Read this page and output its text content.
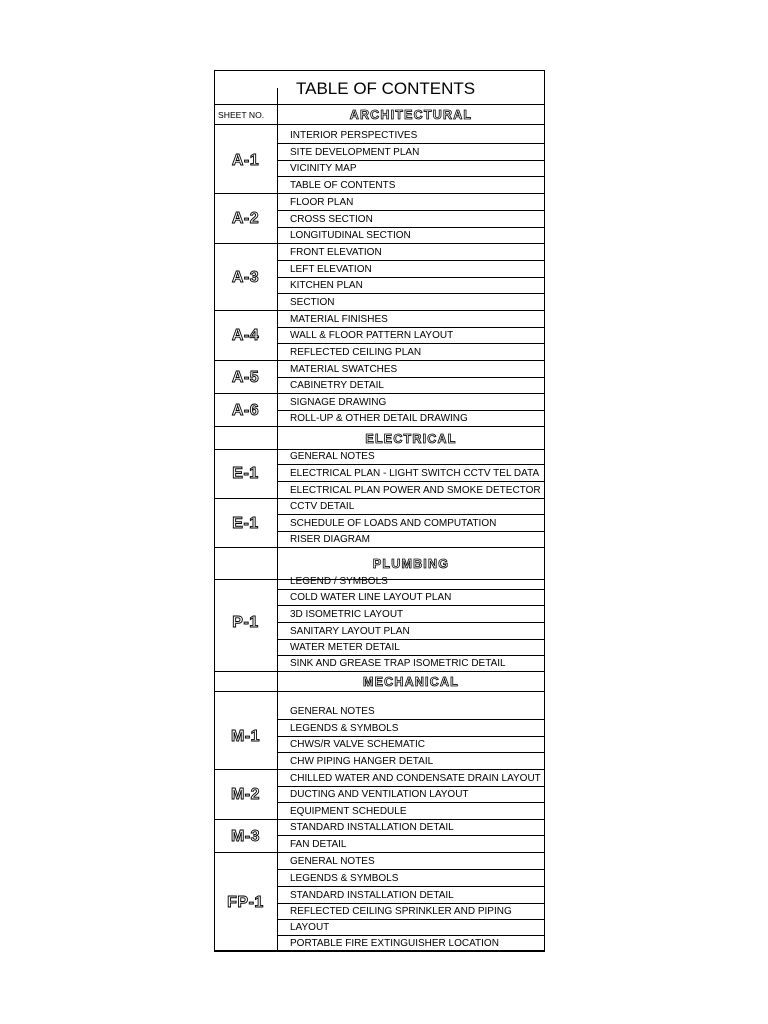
TABLE OF CONTENTS
SHEET NO.	ARCHITECTURAL
INTERIOR PERSPECTIVES
SITE DEVELOPMENT PLAN
VICINITY MAP
TABLE OF CONTENTS
A-1
FLOOR PLAN
CROSS SECTION
LONGITUDINAL SECTION
A-2
FRONT ELEVATION
LEFT ELEVATION
KITCHEN PLAN
SECTION
A-3
MATERIAL FINISHES
WALL & FLOOR PATTERN LAYOUT
REFLECTED CEILING PLAN
A-4
MATERIAL SWATCHES
CABINETRY DETAIL
A-5
SIGNAGE DRAWING
ROLL-UP & OTHER DETAIL DRAWING
A-6
ELECTRICAL
GENERAL NOTES
ELECTRICAL PLAN - LIGHT SWITCH CCTV TEL DATA
ELECTRICAL PLAN POWER AND SMOKE DETECTOR
E-1
CCTV DETAIL
SCHEDULE OF LOADS AND COMPUTATION
RISER DIAGRAM
E-1
PLUMBING
LEGEND / SYMBOLS
COLD WATER LINE LAYOUT PLAN
3D ISOMETRIC LAYOUT
SANITARY LAYOUT PLAN
WATER METER DETAIL
SINK AND GREASE TRAP ISOMETRIC DETAIL
P-1
MECHANICAL
GENERAL NOTES
LEGENDS & SYMBOLS
CHWS/R VALVE SCHEMATIC
CHW PIPING HANGER DETAIL
M-1
CHILLED WATER AND CONDENSATE DRAIN LAYOUT
DUCTING AND VENTILATION LAYOUT
EQUIPMENT SCHEDULE
M-2
STANDARD INSTALLATION DETAIL
FAN DETAIL
M-3
GENERAL NOTES
LEGENDS & SYMBOLS
STANDARD INSTALLATION DETAIL
REFLECTED CEILING SPRINKLER AND PIPING
LAYOUT
PORTABLE FIRE EXTINGUISHER LOCATION
FP-1
